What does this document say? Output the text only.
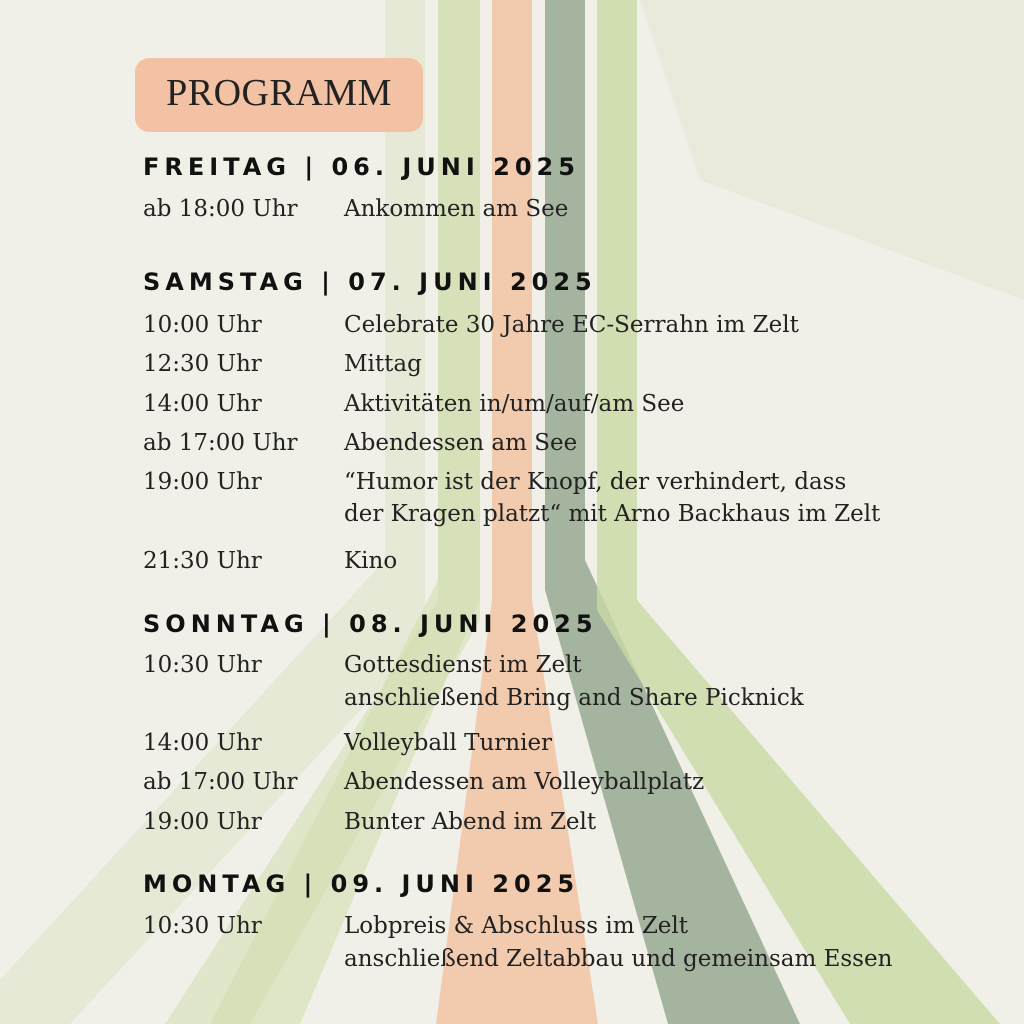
PROGRAMM
FREITAG | 06. JUNI 2025
ab 18:00 Uhr Ankommen am See
SAMSTAG | 07. JUNI 2025
10:00 Uhr	Celebrate 30 Jahre EC-Serrahn im Zelt
12:30 Uhr	Mittag
14:00 Uhr	Aktivitäten in/um/auf/am See
ab 17:00 Uhr Abendessen am See
19:00 Uhr	“Humor ist der Knopf, der verhindert, dass
der Kragen platzt“ mit Arno Backhaus im Zelt
21:30 Uhr	Kino
SONNTAG | 08. JUNI 2025
10:30 Uhr	Gottesdienst im Zelt
anschließend Bring and Share Picknick
14:00 Uhr	Volleyball Turnier
ab 17:00 Uhr Abendessen am Volleyballplatz
19:00 Uhr	Bunter Abend im Zelt
MONTAG | 09. JUNI 2025
10:30 Uhr	Lobpreis & Abschluss im Zelt
anschließend Zeltabbau und gemeinsam Essen
